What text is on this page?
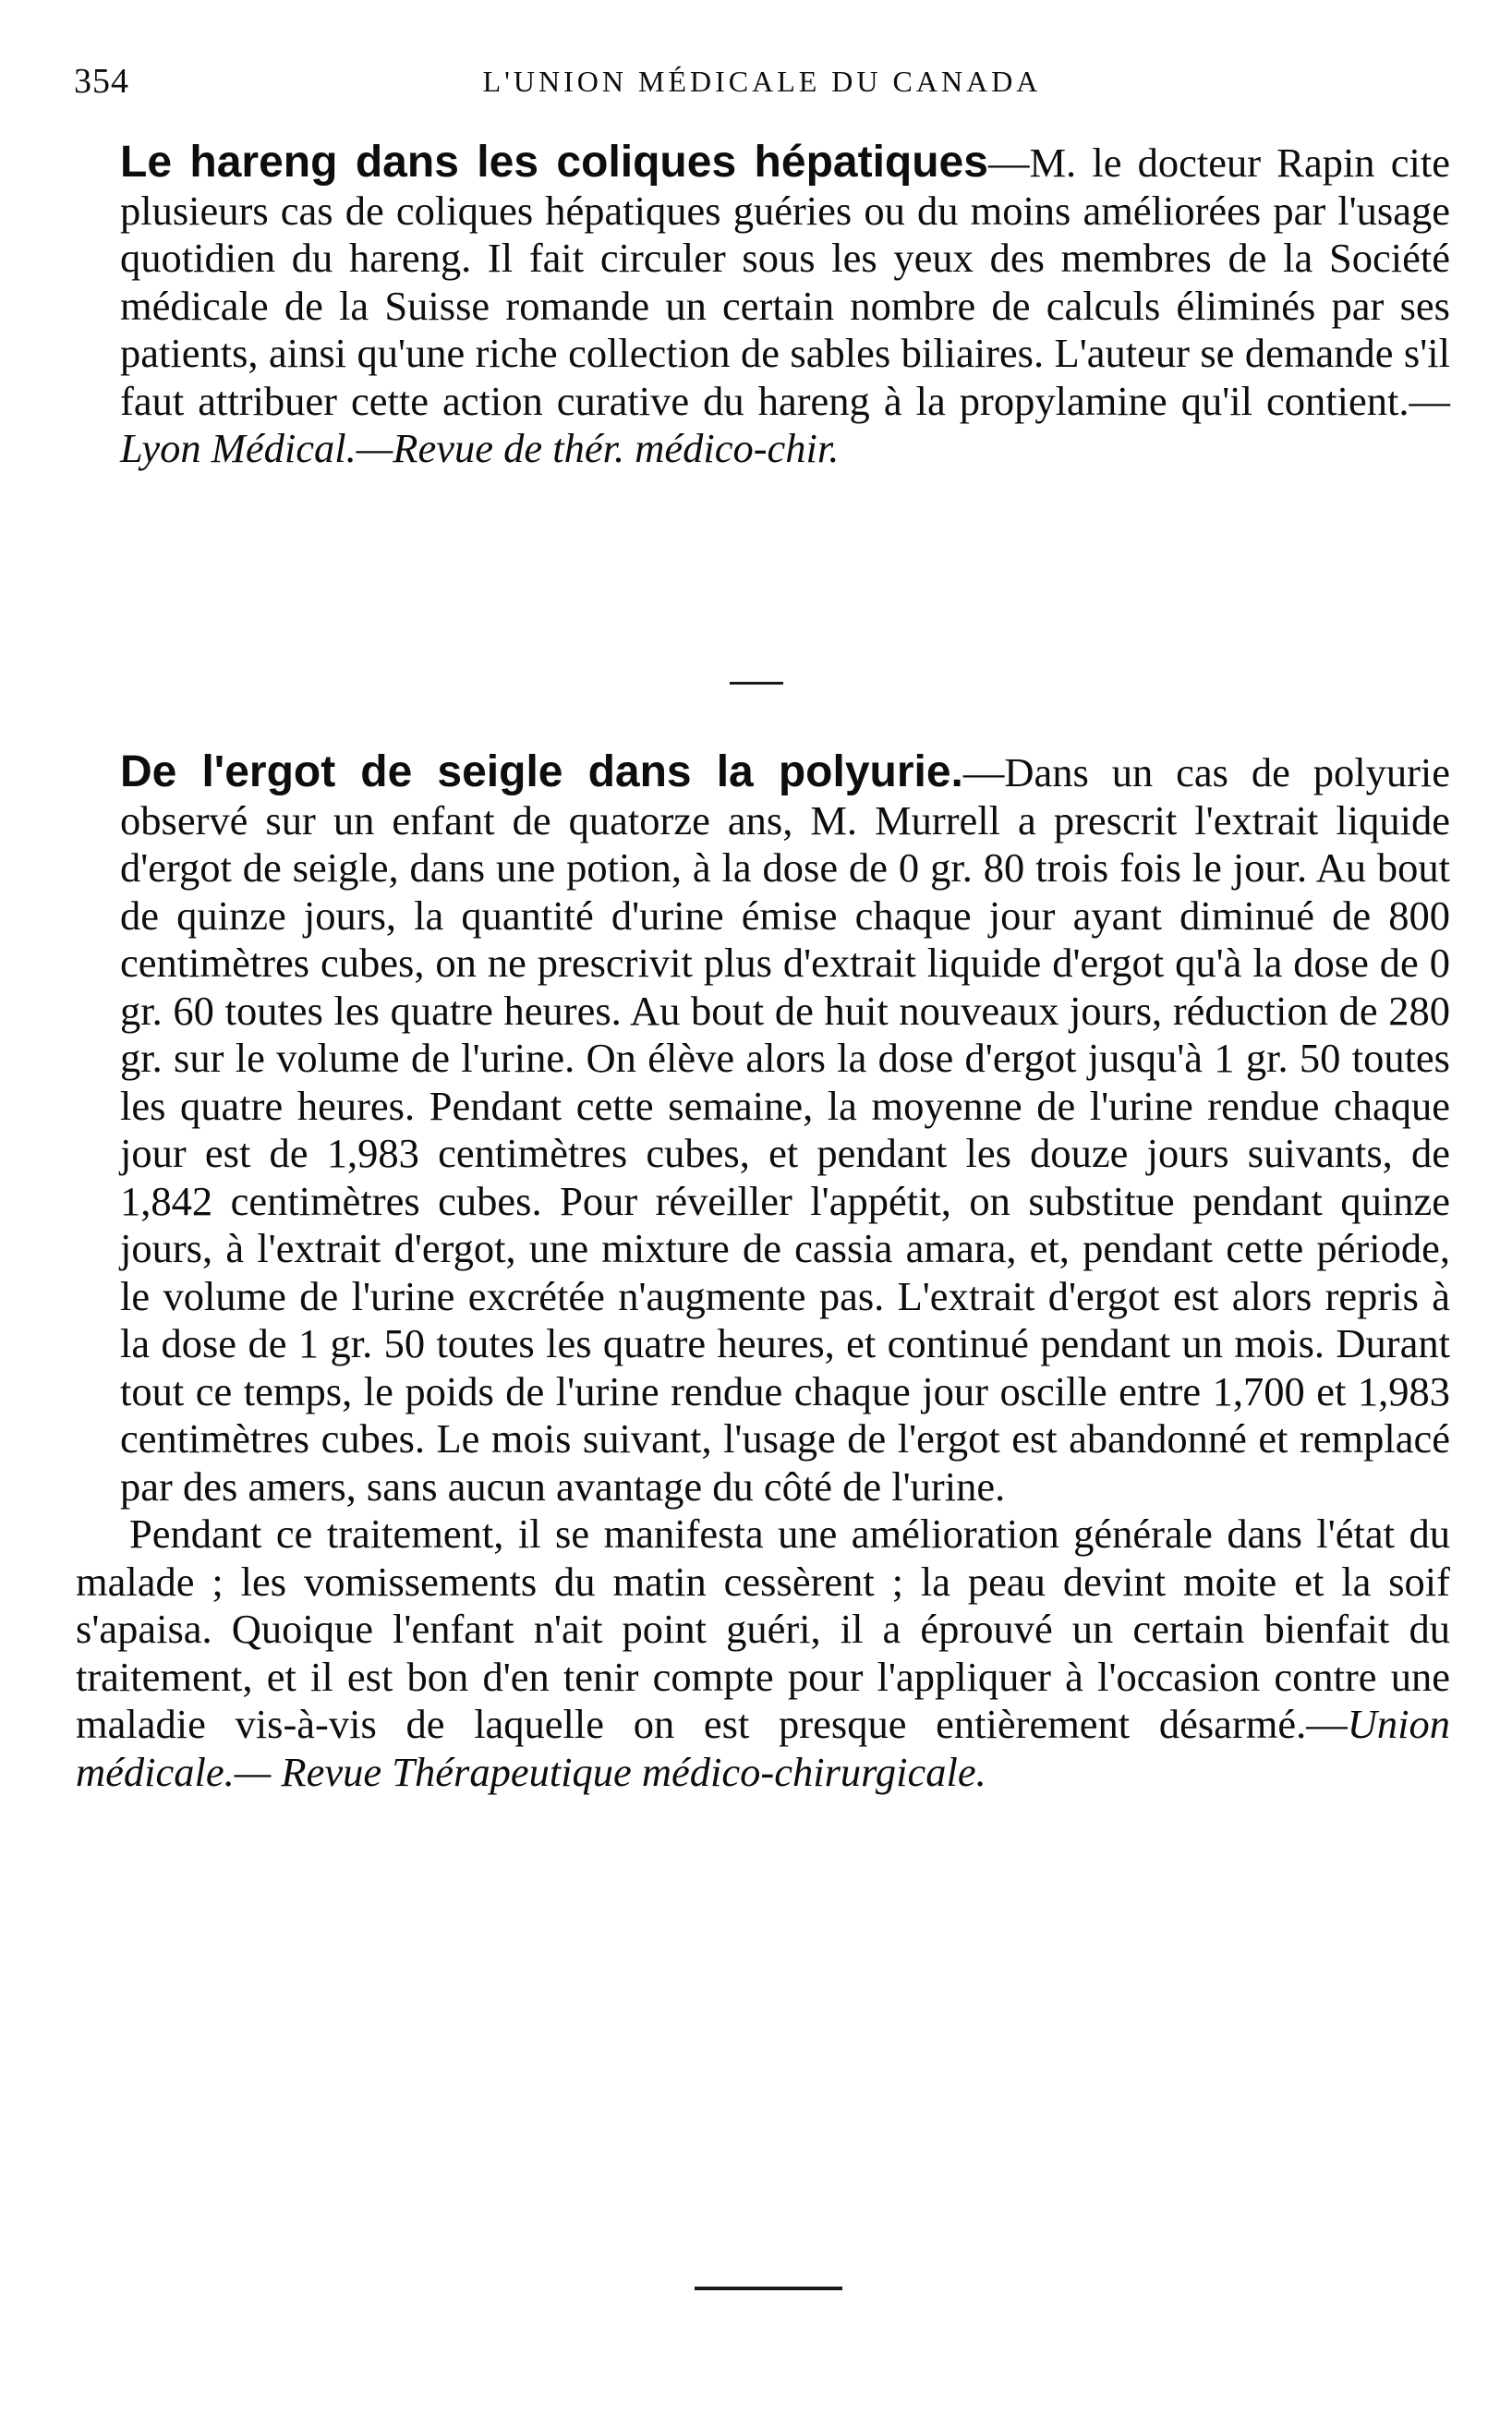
354	L'UNION MÉDICALE DU CANADA

Le hareng dans les coliques hépatiques—M. le docteur Rapin cite plusieurs cas de coliques hépatiques guéries ou du moins améliorées par l'usage quotidien du hareng. Il fait circuler sous les yeux des membres de la Société médicale de la Suisse romande un certain nombre de calculs éliminés par ses patients, ainsi qu'une riche collection de sables biliaires. L'auteur se demande s'il faut attribuer cette action curative du hareng à la propylamine qu'il contient.—Lyon Médical.—Revue de thér. médico-chir.

De l'ergot de seigle dans la polyurie.—Dans un cas de polyurie observé sur un enfant de quatorze ans, M. Murrell a prescrit l'extrait liquide d'ergot de seigle, dans une potion, à la dose de 0 gr. 80 trois fois le jour. Au bout de quinze jours, la quantité d'urine émise chaque jour ayant diminué de 800 centimètres cubes, on ne prescrivit plus d'extrait liquide d'ergot qu'à la dose de 0 gr. 60 toutes les quatre heures. Au bout de huit nouveaux jours, réduction de 280 gr. sur le volume de l'urine. On élève alors la dose d'ergot jusqu'à 1 gr. 50 toutes les quatre heures. Pendant cette semaine, la moyenne de l'urine rendue chaque jour est de 1,983 centimètres cubes, et pendant les douze jours suivants, de 1,842 centimètres cubes. Pour réveiller l'appétit, on substitue pendant quinze jours, à l'extrait d'ergot, une mixture de cassia amara, et, pendant cette période, le volume de l'urine excrétée n'augmente pas. L'extrait d'ergot est alors repris à la dose de 1 gr. 50 toutes les quatre heures, et continué pendant un mois. Durant tout ce temps, le poids de l'urine rendue chaque jour oscille entre 1,700 et 1,983 centimètres cubes. Le mois suivant, l'usage de l'ergot est abandonné et remplacé par des amers, sans aucun avantage du côté de l'urine.

Pendant ce traitement, il se manifesta une amélioration générale dans l'état du malade ; les vomissements du matin cessèrent ; la peau devint moite et la soif s'apaisa. Quoique l'enfant n'ait point guéri, il a éprouvé un certain bienfait du traitement, et il est bon d'en tenir compte pour l'appliquer à l'occasion contre une maladie vis-à-vis de laquelle on est presque entièrement désarmé.—Union médicale.— Revue Thérapeutique médico-chirurgicale.
